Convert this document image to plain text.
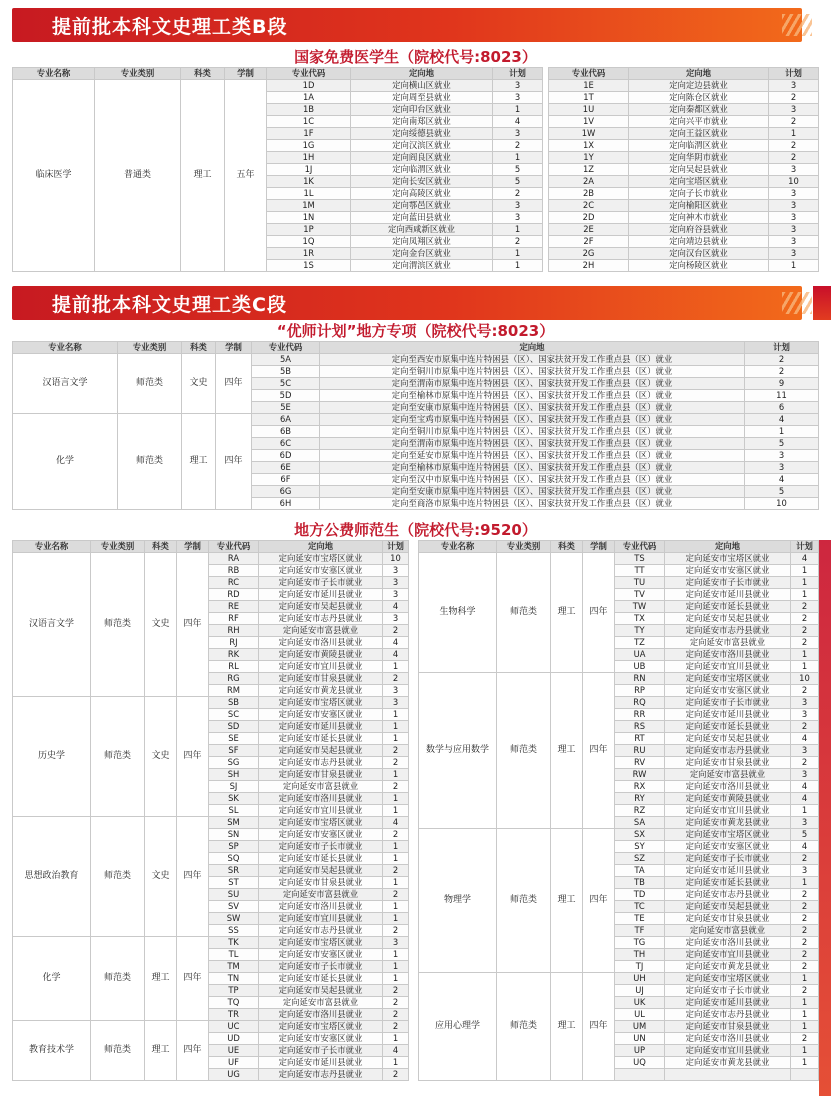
提前批本科文史理工类B段
国家免费医学生（院校代号:8023）
专业名称	专业类别	科类	学制	专业代码	定向地	计划		专业代码	定向地	计划
临床医学	普通类	理工	五年	1D	定向横山区就业	3		1E	定向定边县就业	3
				1A	定向周至县就业	3		1T	定向陈仓区就业	2
				1B	定向印台区就业	1		1U	定向秦都区就业	3
				1C	定向南郑区就业	4		1V	定向兴平市就业	2
				1F	定向绥德县就业	3		1W	定向王益区就业	1
				1G	定向汉滨区就业	2		1X	定向临渭区就业	2
				1H	定向阎良区就业	1		1Y	定向华阴市就业	2
				1J	定向临渭区就业	5		1Z	定向吴起县就业	3
				1K	定向长安区就业	5		2A	定向宝塔区就业	10
				1L	定向高陵区就业	2		2B	定向子长市就业	3
				1M	定向鄠邑区就业	3		2C	定向榆阳区就业	3
				1N	定向蓝田县就业	3		2D	定向神木市就业	3
				1P	定向西咸新区就业	1		2E	定向府谷县就业	3
				1Q	定向凤翔区就业	2		2F	定向靖边县就业	3
				1R	定向金台区就业	1		2G	定向汉台区就业	3
				1S	定向渭滨区就业	1		2H	定向杨陵区就业	1
提前批本科文史理工类C段
“优师计划”地方专项（院校代号:8023）
专业名称	专业类别	科类	学制	专业代码	定向地	计划
汉语言文学	师范类	文史	四年	5A	定向至西安市原集中连片特困县（区）、国家扶贫开发工作重点县（区）就业	2
				5B	定向至铜川市原集中连片特困县（区）、国家扶贫开发工作重点县（区）就业	2
				5C	定向至渭南市原集中连片特困县（区）、国家扶贫开发工作重点县（区）就业	9
				5D	定向至榆林市原集中连片特困县（区）、国家扶贫开发工作重点县（区）就业	11
				5E	定向至安康市原集中连片特困县（区）、国家扶贫开发工作重点县（区）就业	6
化学	师范类	理工	四年	6A	定向至宝鸡市原集中连片特困县（区）、国家扶贫开发工作重点县（区）就业	4
				6B	定向至铜川市原集中连片特困县（区）、国家扶贫开发工作重点县（区）就业	1
				6C	定向至渭南市原集中连片特困县（区）、国家扶贫开发工作重点县（区）就业	5
				6D	定向至延安市原集中连片特困县（区）、国家扶贫开发工作重点县（区）就业	3
				6E	定向至榆林市原集中连片特困县（区）、国家扶贫开发工作重点县（区）就业	3
				6F	定向至汉中市原集中连片特困县（区）、国家扶贫开发工作重点县（区）就业	4
				6G	定向至安康市原集中连片特困县（区）、国家扶贫开发工作重点县（区）就业	5
				6H	定向至商洛市原集中连片特困县（区）、国家扶贫开发工作重点县（区）就业	10
地方公费师范生（院校代号:9520）
专业名称	专业类别	科类	学制	专业代码	定向地	计划
汉语言文学	师范类	文史	四年	RA	定向延安市宝塔区就业	10
				RB	定向延安市安塞区就业	3
				RC	定向延安市子长市就业	3
				RD	定向延安市延川县就业	3
				RE	定向延安市吴起县就业	4
				RF	定向延安市志丹县就业	3
				RH	定向延安市富县就业	2
				RJ	定向延安市洛川县就业	4
				RK	定向延安市黄陵县就业	4
				RL	定向延安市宜川县就业	1
				RG	定向延安市甘泉县就业	2
				RM	定向延安市黄龙县就业	3
历史学	师范类	文史	四年	SB	定向延安市宝塔区就业	3
				SC	定向延安市安塞区就业	1
				SD	定向延安市延川县就业	1
				SE	定向延安市延长县就业	1
				SF	定向延安市吴起县就业	2
				SG	定向延安市志丹县就业	2
				SH	定向延安市甘泉县就业	1
				SJ	定向延安市富县就业	2
				SK	定向延安市洛川县就业	1
				SL	定向延安市宜川县就业	1
思想政治教育	师范类	文史	四年	SM	定向延安市宝塔区就业	4
				SN	定向延安市安塞区就业	2
				SP	定向延安市子长市就业	1
				SQ	定向延安市延长县就业	1
				SR	定向延安市吴起县就业	2
				ST	定向延安市甘泉县就业	1
				SU	定向延安市富县就业	2
				SV	定向延安市洛川县就业	1
				SW	定向延安市宜川县就业	1
				SS	定向延安市志丹县就业	2
化学	师范类	理工	四年	TK	定向延安市宝塔区就业	3
				TL	定向延安市安塞区就业	1
				TM	定向延安市子长市就业	1
				TN	定向延安市延长县就业	1
				TP	定向延安市吴起县就业	2
				TQ	定向延安市富县就业	2
				TR	定向延安市洛川县就业	2
教育技术学	师范类	理工	四年	UC	定向延安市宝塔区就业	2
				UD	定向延安市安塞区就业	1
				UE	定向延安市子长市就业	4
				UF	定向延安市延川县就业	1
				UG	定向延安市志丹县就业	2
专业名称	专业类别	科类	学制	专业代码	定向地	计划
生物科学	师范类	理工	四年	TS	定向延安市宝塔区就业	4
				TT	定向延安市安塞区就业	1
				TU	定向延安市子长市就业	1
				TV	定向延安市延川县就业	1
				TW	定向延安市延长县就业	2
				TX	定向延安市吴起县就业	2
				TY	定向延安市志丹县就业	2
				TZ	定向延安市富县就业	2
				UA	定向延安市洛川县就业	1
				UB	定向延安市宜川县就业	1
数学与应用数学	师范类	理工	四年	RN	定向延安市宝塔区就业	10
				RP	定向延安市安塞区就业	2
				RQ	定向延安市子长市就业	3
				RR	定向延安市延川县就业	3
				RS	定向延安市延长县就业	2
				RT	定向延安市吴起县就业	4
				RU	定向延安市志丹县就业	3
				RV	定向延安市甘泉县就业	2
				RW	定向延安市富县就业	3
				RX	定向延安市洛川县就业	4
				RY	定向延安市黄陵县就业	4
				RZ	定向延安市宜川县就业	1
				SA	定向延安市黄龙县就业	3
物理学	师范类	理工	四年	SX	定向延安市宝塔区就业	5
				SY	定向延安市安塞区就业	4
				SZ	定向延安市子长市就业	2
				TA	定向延安市延川县就业	3
				TB	定向延安市延长县就业	1
				TD	定向延安市志丹县就业	2
				TC	定向延安市吴起县就业	2
				TE	定向延安市甘泉县就业	2
				TF	定向延安市富县就业	2
				TG	定向延安市洛川县就业	2
				TH	定向延安市宜川县就业	2
				TJ	定向延安市黄龙县就业	2
应用心理学	师范类	理工	四年	UH	定向延安市宝塔区就业	1
				UJ	定向延安市子长市就业	2
				UK	定向延安市延川县就业	1
				UL	定向延安市志丹县就业	1
				UM	定向延安市甘泉县就业	1
				UN	定向延安市洛川县就业	2
				UP	定向延安市宜川县就业	1
				UQ	定向延安市黄龙县就业	1
